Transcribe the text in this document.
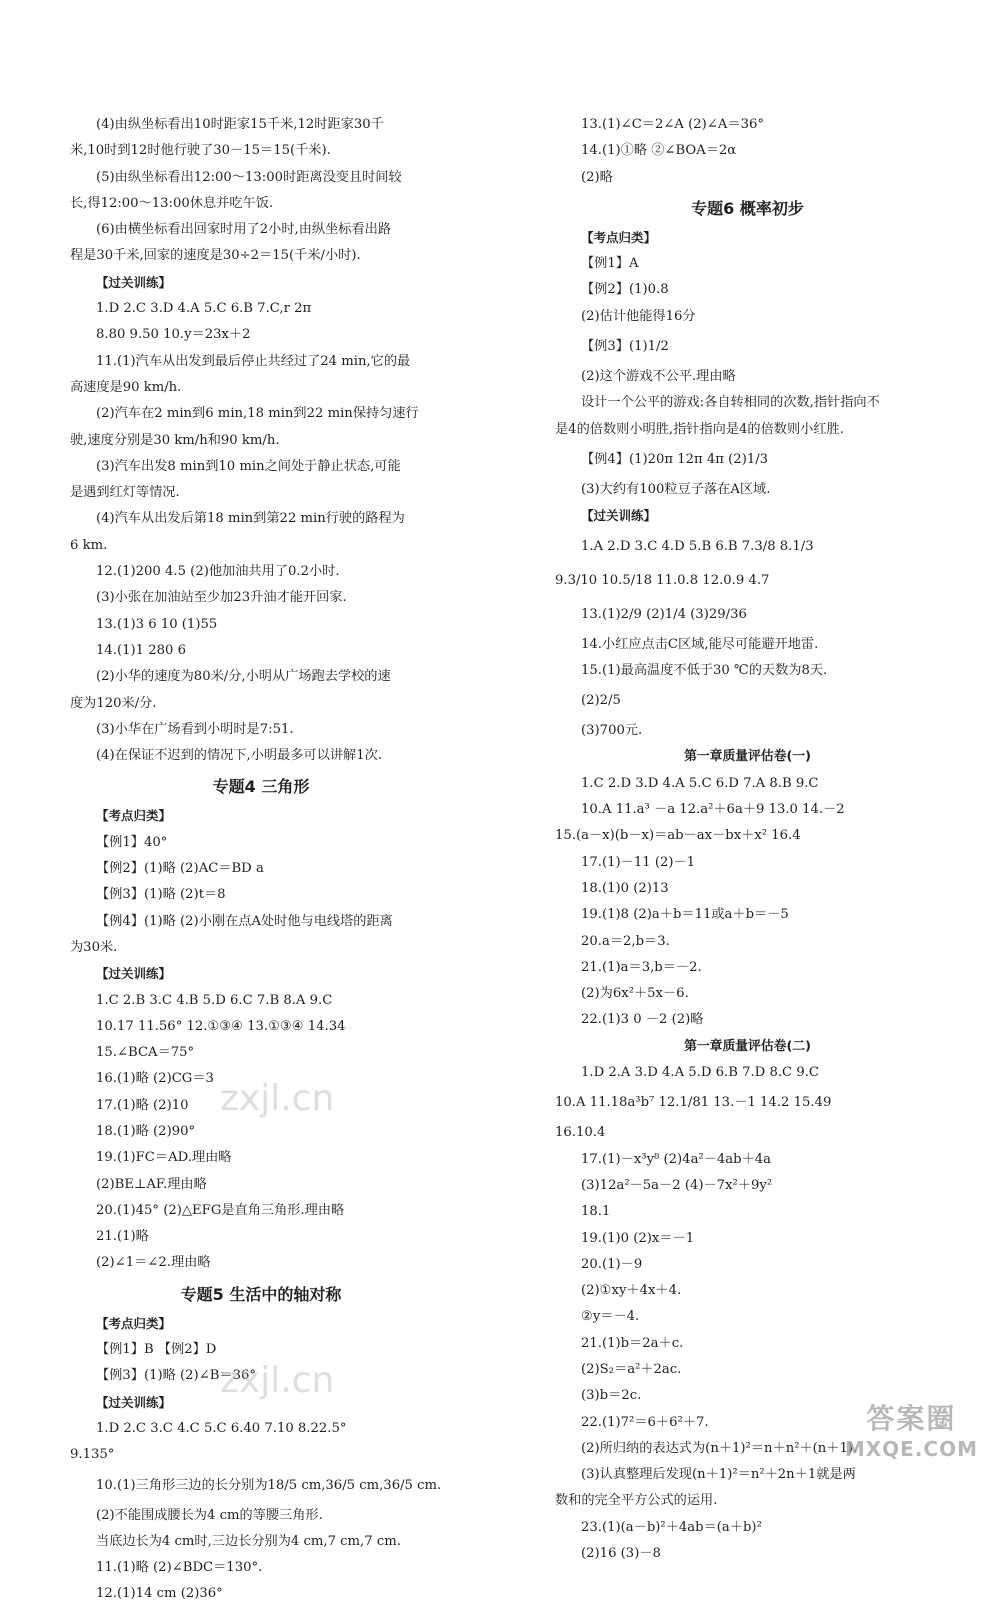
(4)由纵坐标看出10时距家15千米,12时距家30千
米,10时到12时他行驶了30－15＝15(千米).
(5)由纵坐标看出12:00～13:00时距离没变且时间较
长,得12:00～13:00休息并吃午饭.
(6)由横坐标看出回家时用了2小时,由纵坐标看出路
程是30千米,回家的速度是30÷2＝15(千米/小时).
【过关训练】
1.D 2.C 3.D 4.A 5.C 6.B 7.C,r 2π
8.80 9.50 10.y＝23x＋2
11.(1)汽车从出发到最后停止共经过了24 min,它的最
高速度是90 km/h.
(2)汽车在2 min到6 min,18 min到22 min保持匀速行
驶,速度分别是30 km/h和90 km/h.
(3)汽车出发8 min到10 min之间处于静止状态,可能
是遇到红灯等情况.
(4)汽车从出发后第18 min到第22 min行驶的路程为
6 km.
12.(1)200 4.5 (2)他加油共用了0.2小时.
(3)小张在加油站至少加23升油才能开回家.
13.(1)3 6 10 (1)55
14.(1)1 280 6
(2)小华的速度为80米/分,小明从广场跑去学校的速
度为120米/分.
(3)小华在广场看到小明时是7:51.
(4)在保证不迟到的情况下,小明最多可以讲解1次.
专题4 三角形
【考点归类】
【例1】40°
【例2】(1)略 (2)AC＝BD a
【例3】(1)略 (2)t＝8
【例4】(1)略 (2)小刚在点A处时他与电线塔的距离
为30米.
【过关训练】
1.C 2.B 3.C 4.B 5.D 6.C 7.B 8.A 9.C
10.17 11.56° 12.①③④ 13.①③④ 14.34
15.∠BCA＝75°
16.(1)略 (2)CG＝3
17.(1)略 (2)10
18.(1)略 (2)90°
19.(1)FC＝AD.理由略
(2)BE⊥AF.理由略
20.(1)45° (2)△EFG是直角三角形.理由略
21.(1)略
(2)∠1＝∠2.理由略
专题5 生活中的轴对称
【考点归类】
【例1】B 【例2】D
【例3】(1)略 (2)∠B＝36°
【过关训练】
1.D 2.C 3.C 4.C 5.C 6.40 7.10 8.22.5°
9.135°
10.(1)三角形三边的长分别为18/5 cm,36/5 cm,36/5 cm.
(2)不能围成腰长为4 cm的等腰三角形.
当底边长为4 cm时,三边长分别为4 cm,7 cm,7 cm.
11.(1)略 (2)∠BDC＝130°.
12.(1)14 cm (2)36°
13.(1)∠C＝2∠A (2)∠A＝36°
14.(1)①略 ②∠BOA＝2α
(2)略
专题6 概率初步
【考点归类】
【例1】A
【例2】(1)0.8
(2)估计他能得16分
【例3】(1)1/2
(2)这个游戏不公平.理由略
设计一个公平的游戏:各自转相同的次数,指针指向不
是4的倍数则小明胜,指针指向是4的倍数则小红胜.
【例4】(1)20π 12π 4π (2)1/3
(3)大约有100粒豆子落在A区域.
【过关训练】
1.A 2.D 3.C 4.D 5.B 6.B 7.3/8 8.1/3
9.3/10 10.5/18 11.0.8 12.0.9 4.7
13.(1)2/9 (2)1/4 (3)29/36
14.小红应点击C区域,能尽可能避开地雷.
15.(1)最高温度不低于30 ℃的天数为8天.
(2)2/5
(3)700元.
第一章质量评估卷(一)
1.C 2.D 3.D 4.A 5.C 6.D 7.A 8.B 9.C
10.A 11.a³ －a 12.a²＋6a＋9 13.0 14.－2
15.(a－x)(b－x)＝ab－ax－bx＋x² 16.4
17.(1)－11 (2)－1
18.(1)0 (2)13
19.(1)8 (2)a＋b＝11或a＋b＝－5
20.a＝2,b＝3.
21.(1)a＝3,b＝－2.
(2)为6x²＋5x－6.
22.(1)3 0 －2 (2)略
第一章质量评估卷(二)
1.D 2.A 3.D 4.A 5.D 6.B 7.D 8.C 9.C
10.A 11.18a³b⁷ 12.1/81 13.－1 14.2 15.49
16.10.4
17.(1)－x³y⁸ (2)4a²－4ab＋4a
(3)12a²－5a－2 (4)－7x²＋9y²
18.1
19.(1)0 (2)x＝－1
20.(1)－9
(2)①xy＋4x＋4.
②y＝－4.
21.(1)b＝2a＋c.
(2)S₂＝a²＋2ac.
(3)b＝2c.
22.(1)7²＝6＋6²＋7.
(2)所归纳的表达式为(n＋1)²＝n＋n²＋(n＋1).
(3)认真整理后发现(n＋1)²＝n²＋2n＋1就是两
数和的完全平方公式的运用.
23.(1)(a－b)²＋4ab＝(a＋b)²
(2)16 (3)－8
zxjl.cn
zxjl.cn
答案圈
MXQE.COM
